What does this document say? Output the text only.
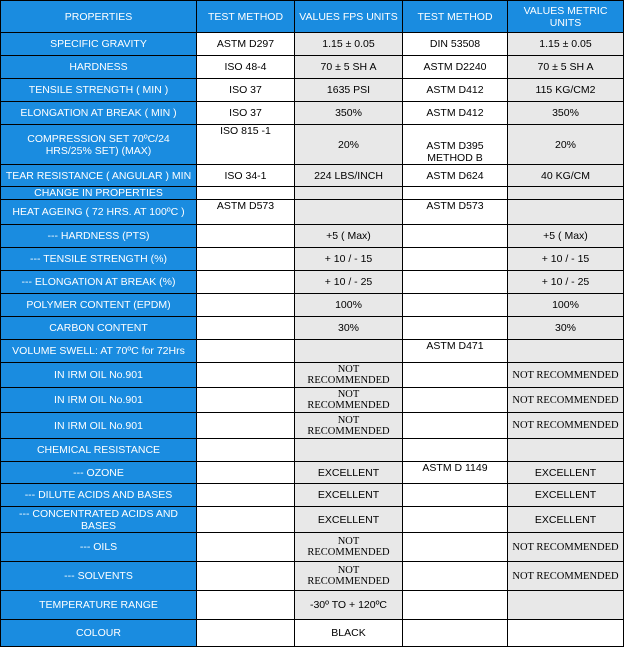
PROPERTIES	TEST METHOD	VALUES FPS UNITS	TEST METHOD	VALUES METRIC UNITS
SPECIFIC GRAVITY	ASTM D297	1.15 ± 0.05	DIN 53508	1.15 ± 0.05
HARDNESS	ISO 48-4	70 ± 5 SH A	ASTM D2240	70 ± 5 SH A
TENSILE STRENGTH ( MIN )	ISO 37	1635 PSI	ASTM D412	115 KG/CM2
ELONGATION AT BREAK ( MIN )	ISO 37	350%	ASTM D412	350%
COMPRESSION SET 70ºC/24 HRS/25% SET) (MAX)	ISO 815 -1	20%	ASTM D395 METHOD B	20%
TEAR RESISTANCE ( ANGULAR ) MIN	ISO 34-1	224 LBS/INCH	ASTM D624	40 KG/CM
CHANGE IN PROPERTIES				
HEAT AGEING ( 72 HRS. AT 100ºC )	ASTM D573		ASTM D573	
--- HARDNESS (PTS)		+5 ( Max)		+5 ( Max)
--- TENSILE STRENGTH (%)		+ 10 / - 15		+ 10 / - 15
--- ELONGATION AT BREAK (%)		+ 10 / - 25		+ 10 / - 25
POLYMER CONTENT (EPDM)		100%		100%
CARBON CONTENT		30%		30%
VOLUME SWELL: AT 70ºC for 72Hrs			ASTM D471	
IN IRM OIL No.901		NOT RECOMMENDED		NOT RECOMMENDED
IN IRM OIL No.901		NOT RECOMMENDED		NOT RECOMMENDED
IN IRM OIL No.901		NOT RECOMMENDED		NOT RECOMMENDED
CHEMICAL RESISTANCE				
--- OZONE		EXCELLENT	ASTM D 1149	EXCELLENT
--- DILUTE ACIDS AND BASES		EXCELLENT		EXCELLENT
--- CONCENTRATED ACIDS AND BASES		EXCELLENT		EXCELLENT
--- OILS		NOT RECOMMENDED		NOT RECOMMENDED
--- SOLVENTS		NOT RECOMMENDED		NOT RECOMMENDED
TEMPERATURE RANGE		-30º TO + 120ºC		
COLOUR		BLACK		
